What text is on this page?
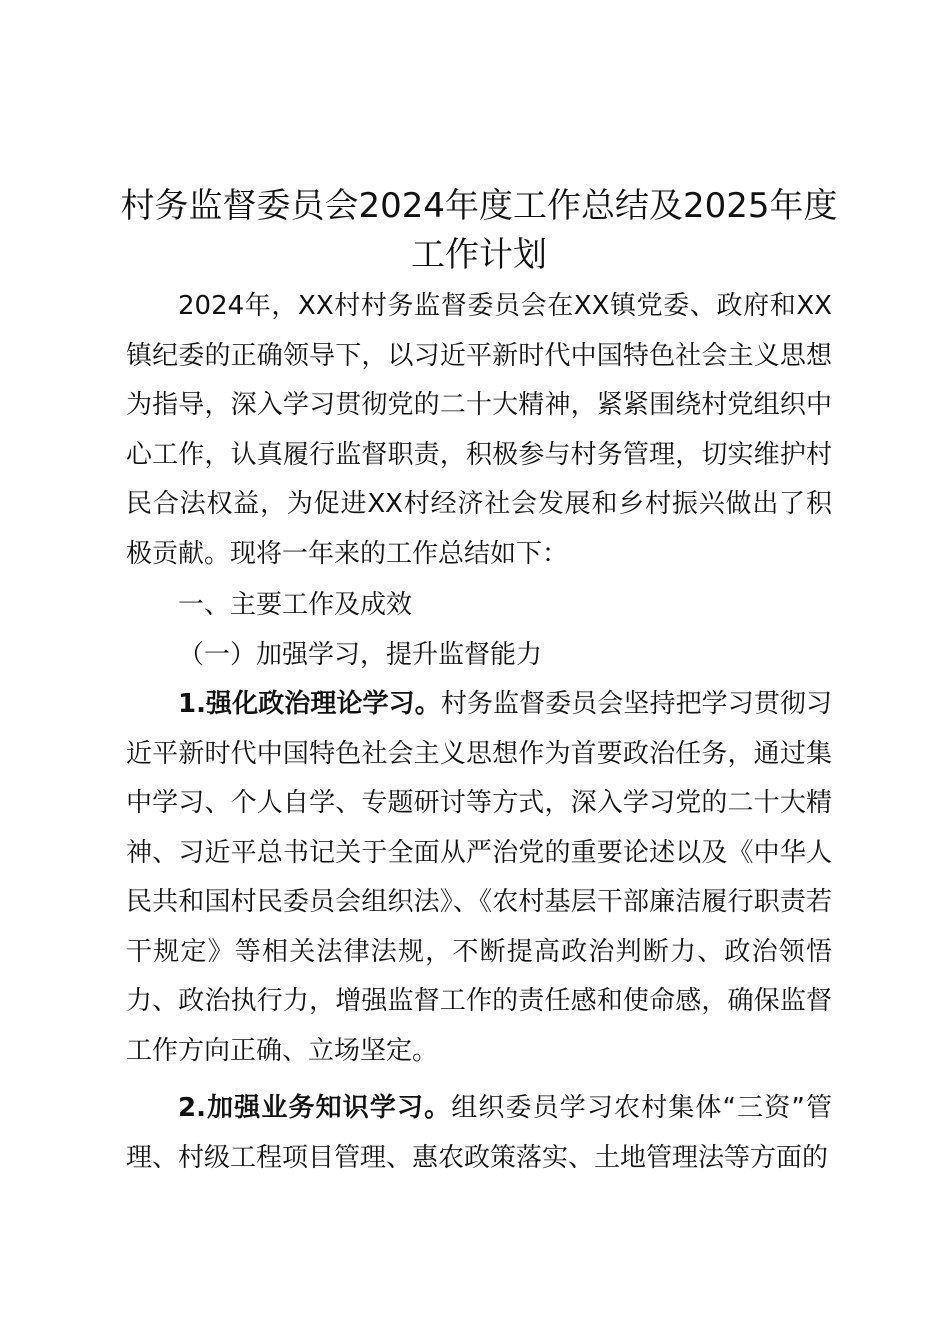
村务监督委员会2024年度工作总结及2025年度工作计划

2024年，XX村村务监督委员会在XX镇党委、政府和XX镇纪委的正确领导下，以习近平新时代中国特色社会主义思想为指导，深入学习贯彻党的二十大精神，紧紧围绕村党组织中心工作，认真履行监督职责，积极参与村务管理，切实维护村民合法权益，为促进XX村经济社会发展和乡村振兴做出了积极贡献。现将一年来的工作总结如下：

一、主要工作及成效

（一）加强学习，提升监督能力

1.强化政治理论学习。村务监督委员会坚持把学习贯彻习近平新时代中国特色社会主义思想作为首要政治任务，通过集中学习、个人自学、专题研讨等方式，深入学习党的二十大精神、习近平总书记关于全面从严治党的重要论述以及《中华人民共和国村民委员会组织法》、《农村基层干部廉洁履行职责若干规定》等相关法律法规，不断提高政治判断力、政治领悟力、政治执行力，增强监督工作的责任感和使命感，确保监督工作方向正确、立场坚定。

2.加强业务知识学习。组织委员学习农村集体“三资”管理、村级工程项目管理、惠农政策落实、土地管理法等方面的
